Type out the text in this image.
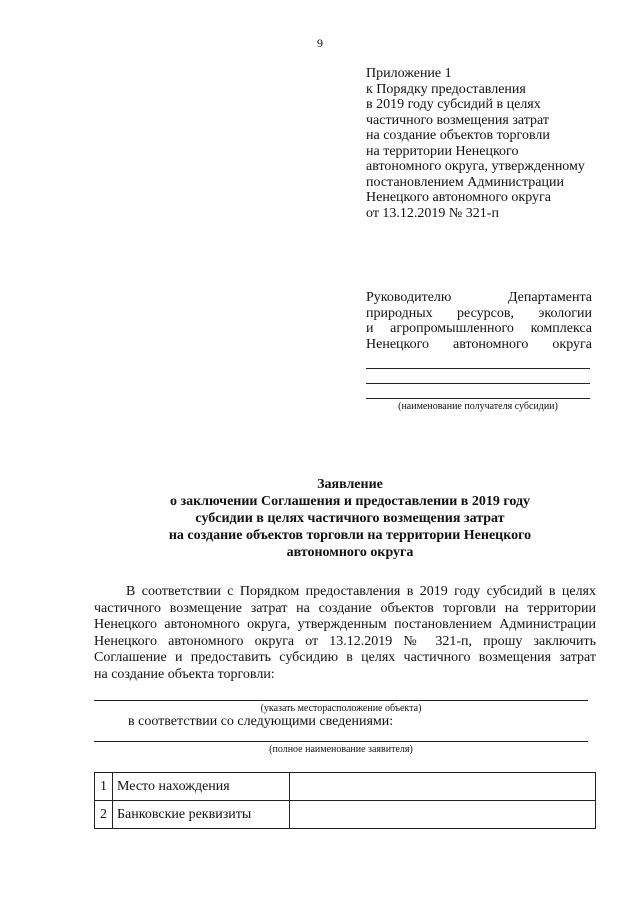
9
Приложение 1
к Порядку предоставления
в 2019 году субсидий в целях
частичного возмещения затрат
на создание объектов торговли
на территории Ненецкого
автономного округа, утвержденному
постановлением Администрации
Ненецкого автономного округа
от 13.12.2019 № 321-п
Руководителю Департамента
природных ресурсов, экологии
и агропромышленного комплекса
Ненецкого автономного округа
(наименование получателя субсидии)
Заявление
о заключении Соглашения и предоставлении в 2019 году
субсидии в целях частичного возмещения затрат
на создание объектов торговли на территории Ненецкого
автономного округа
В соответствии с Порядком предоставления в 2019 году субсидий в целях
частичного возмещение затрат на создание объектов торговли на территории
Ненецкого автономного округа, утвержденным постановлением Администрации
Ненецкого автономного округа от 13.12.2019 № 321-п, прошу заключить
Соглашение и предоставить субсидию в целях частичного возмещения затрат
на создание объекта торговли:
(указать месторасположение объекта)
в соответствии со следующими сведениями:
(полное наименование заявителя)
1	Место нахождения	
2	Банковские реквизиты	
